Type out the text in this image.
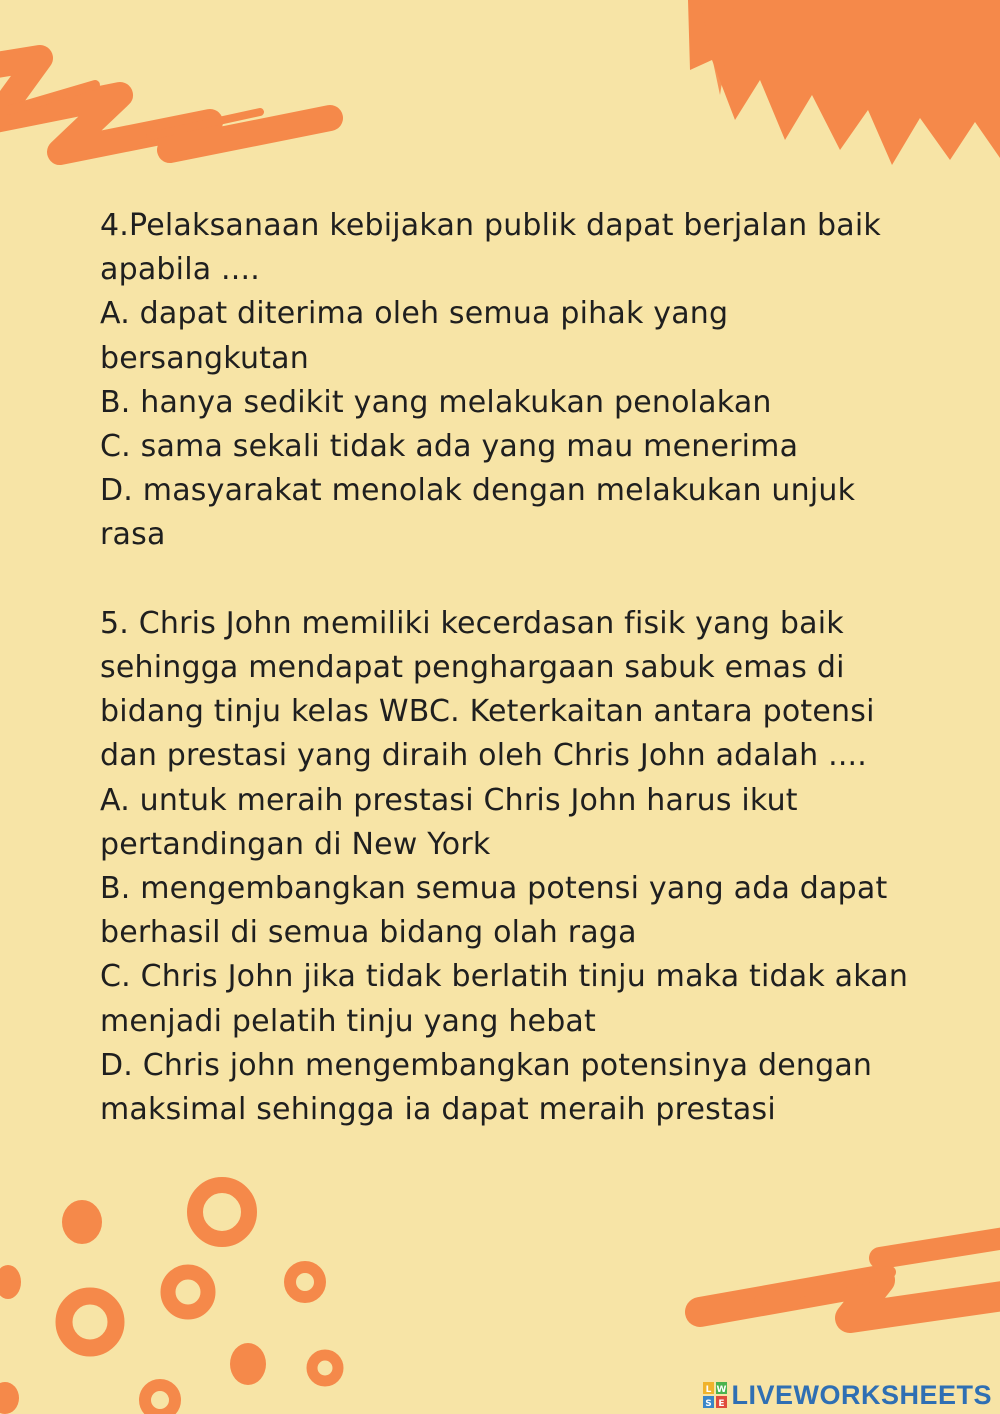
4.Pelaksanaan kebijakan publik dapat berjalan baik
apabila ....
A. dapat diterima oleh semua pihak yang
bersangkutan
B. hanya sedikit yang melakukan penolakan
C. sama sekali tidak ada yang mau menerima
D. masyarakat menolak dengan melakukan unjuk
rasa
5. Chris John memiliki kecerdasan fisik yang baik
sehingga mendapat penghargaan sabuk emas di
bidang tinju kelas WBC. Keterkaitan antara potensi
dan prestasi yang diraih oleh Chris John adalah ....
A. untuk meraih prestasi Chris John harus ikut
pertandingan di New York
B. mengembangkan semua potensi yang ada dapat
berhasil di semua bidang olah raga
C. Chris John jika tidak berlatih tinju maka tidak akan
menjadi pelatih tinju yang hebat
D. Chris john mengembangkan potensinya dengan
maksimal sehingga ia dapat meraih prestasi
L W
S E LIVEWORKSHEETS
